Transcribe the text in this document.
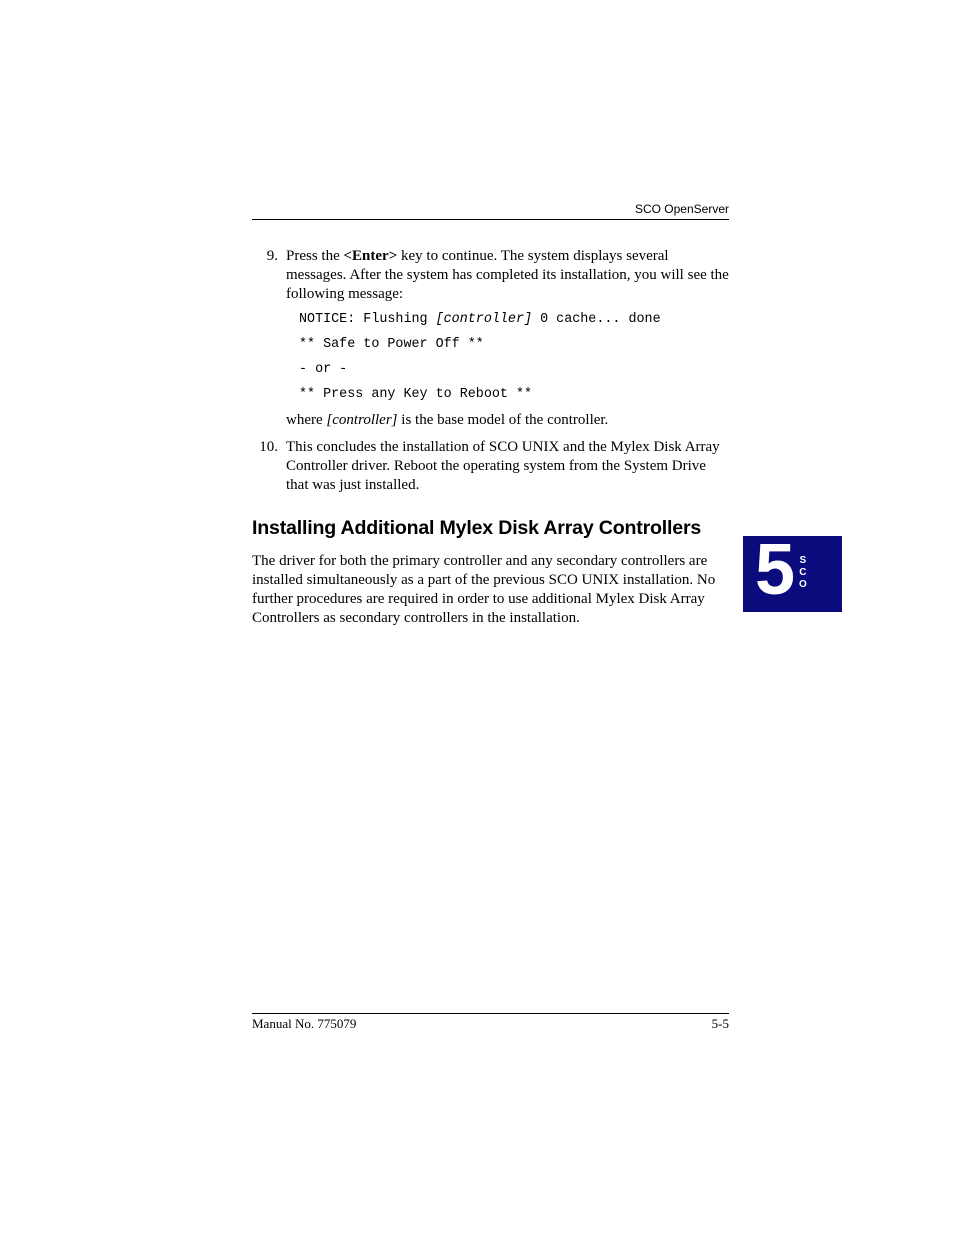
SCO OpenServer
9. Press the <Enter> key to continue. The system displays several messages. After the system has completed its installation, you will see the following message:
NOTICE: Flushing [controller] 0 cache... done
** Safe to Power Off **
- or -
** Press any Key to Reboot **
where [controller] is the base model of the controller.
10. This concludes the installation of SCO UNIX and the Mylex Disk Array Controller driver. Reboot the operating system from the System Drive that was just installed.
Installing Additional Mylex Disk Array Controllers

The driver for both the primary controller and any secondary controllers are installed simultaneously as a part of the previous SCO UNIX installation. No further procedures are required in order to use additional Mylex Disk Array Controllers as secondary controllers in the installation.

5 S
C
O
Manual No. 775079	5-5
